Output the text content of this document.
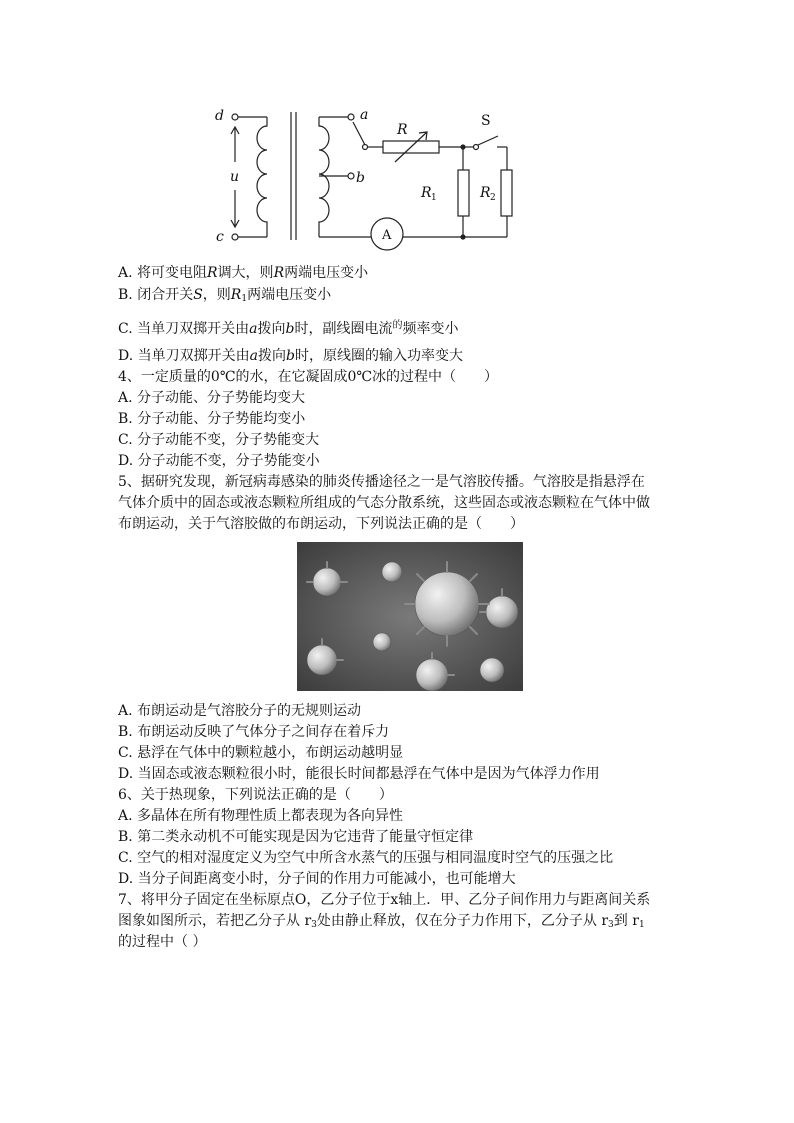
d
c
u
a
b
R
R	R
1	2
S
A
A. 将可变电阻R调大，则R两端电压变小
B. 闭合开关S，则$R_1$两端电压变小
C. 当单刀双掷开关由a拨向b时，副线圈电流$^的$频率变小
D. 当单刀双掷开关由a拨向b时，原线圈的输入功率变大
4、一定质量的0℃的水，在它凝固成0℃冰的过程中（　　）
A. 分子动能、分子势能均变大
B. 分子动能、分子势能均变小
C. 分子动能不变，分子势能变大
D. 分子动能不变，分子势能变小
5、据研究发现，新冠病毒感染的肺炎传播途径之一是气溶胶传播。气溶胶是指悬浮在
气体介质中的固态或液态颗粒所组成的气态分散系统，这些固态或液态颗粒在气体中做
布朗运动，关于气溶胶做的布朗运动，下列说法正确的是（　　）
A. 布朗运动是气溶胶分子的无规则运动
B. 布朗运动反映了气体分子之间存在着斥力
C. 悬浮在气体中的颗粒越小，布朗运动越明显
D. 当固态或液态颗粒很小时，能很长时间都悬浮在气体中是因为气体浮力作用
6、关于热现象，下列说法正确的是（　　）
A. 多晶体在所有物理性质上都表现为各向异性
B. 第二类永动机不可能实现是因为它违背了能量守恒定律
C. 空气的相对湿度定义为空气中所含水蒸气的压强与相同温度时空气的压强之比
D. 当分子间距离变小时，分子间的作用力可能减小，也可能增大
7、将甲分子固定在坐标原点O，乙分子位于x轴上．甲、乙分子间作用力与距离间关系
图象如图所示，若把乙分子从 $r_3$处由静止释放，仅在分子力作用下，乙分子从 $r_3$到 $r_1$
的过程中（ ）
